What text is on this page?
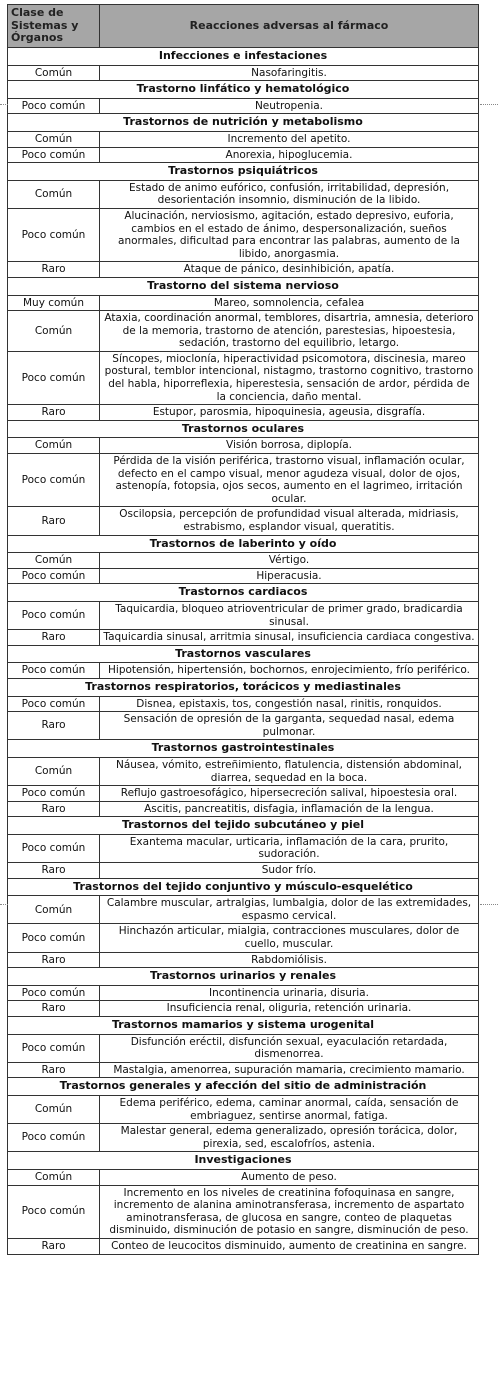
Clase de Sistemas y Órganos	Reacciones adversas al fármaco
Infecciones e infestaciones	
Común	Nasofaringitis.
Trastorno linfático y hematológico	
Poco común	Neutropenia.
Trastornos de nutrición y metabolismo	
Común	Incremento del apetito.
Poco común	Anorexia, hipoglucemia.
Trastornos psiquiátricos	
Común	Estado de animo eufórico, confusión, irritabilidad, depresión, desorientación insomnio, disminución de la libido.
Poco común	Alucinación, nerviosismo, agitación, estado depresivo, euforia, cambios en el estado de ánimo, despersonalización, sueños anormales, dificultad para encontrar las palabras, aumento de la libido, anorgasmia.
Raro	Ataque de pánico, desinhibición, apatía.
Trastorno del sistema nervioso	
Muy común	Mareo, somnolencia, cefalea
Común	Ataxia, coordinación anormal, temblores, disartria, amnesia, deterioro de la memoria, trastorno de atención, parestesias, hipoestesia, sedación, trastorno del equilibrio, letargo.
Poco común	Síncopes, mioclonía, hiperactividad psicomotora, discinesia, mareo postural, temblor intencional, nistagmo, trastorno cognitivo, trastorno del habla, hiporreflexia, hiperestesia, sensación de ardor, pérdida de la conciencia, daño mental.
Raro	Estupor, parosmia, hipoquinesia, ageusia, disgrafía.
Trastornos oculares	
Común	Visión borrosa, diplopía.
Poco común	Pérdida de la visión periférica, trastorno visual, inflamación ocular, defecto en el campo visual, menor agudeza visual, dolor de ojos, astenopía, fotopsia, ojos secos, aumento en el lagrimeo, irritación ocular.
Raro	Oscilopsia, percepción de profundidad visual alterada, midriasis, estrabismo, esplandor visual, queratitis.
Trastornos de laberinto y oído	
Común	Vértigo.
Poco común	Hiperacusia.
Trastornos cardiacos	
Poco común	Taquicardia, bloqueo atrioventricular de primer grado, bradicardia sinusal.
Raro	Taquicardia sinusal, arritmia sinusal, insuficiencia cardiaca congestiva.
Trastornos vasculares	
Poco común	Hipotensión, hipertensión, bochornos, enrojecimiento, frío periférico.
Trastornos respiratorios, torácicos y mediastinales	
Poco común	Disnea, epistaxis, tos, congestión nasal, rinitis, ronquidos.
Raro	Sensación de opresión de la garganta, sequedad nasal, edema pulmonar.
Trastornos gastrointestinales	
Común	Náusea, vómito, estreñimiento, flatulencia, distensión abdominal, diarrea, sequedad en la boca.
Poco común	Reflujo gastroesofágico, hipersecreción salival, hipoestesia oral.
Raro	Ascitis, pancreatitis, disfagia, inflamación de la lengua.
Trastornos del tejido subcutáneo y piel	
Poco común	Exantema macular, urticaria, inflamación de la cara, prurito, sudoración.
Raro	Sudor frío.
Trastornos del tejido conjuntivo y músculo-esquelético	
Común	Calambre muscular, artralgias, lumbalgia, dolor de las extremidades, espasmo cervical.
Poco común	Hinchazón articular, mialgia, contracciones musculares, dolor de cuello, muscular.
Raro	Rabdomiólisis.
Trastornos urinarios y renales	
Poco común	Incontinencia urinaria, disuria.
Raro	Insuficiencia renal, oliguria, retención urinaria.
Trastornos mamarios y sistema urogenital	
Poco común	Disfunción eréctil, disfunción sexual, eyaculación retardada, dismenorrea.
Raro	Mastalgia, amenorrea, supuración mamaria, crecimiento mamario.
Trastornos generales y afección del sitio de administración	
Común	Edema periférico, edema, caminar anormal, caída, sensación de embriaguez, sentirse anormal, fatiga.
Poco común	Malestar general, edema generalizado, opresión torácica, dolor, pirexia, sed, escalofríos, astenia.
Investigaciones	
Común	Aumento de peso.
Poco común	Incremento en los niveles de creatinina fofoquinasa en sangre, incremento de alanina aminotransferasa, incremento de aspartato aminotransferasa, de glucosa en sangre, conteo de plaquetas disminuido, disminución de potasio en sangre, disminución de peso.
Raro	Conteo de leucocitos disminuido, aumento de creatinina en sangre.
